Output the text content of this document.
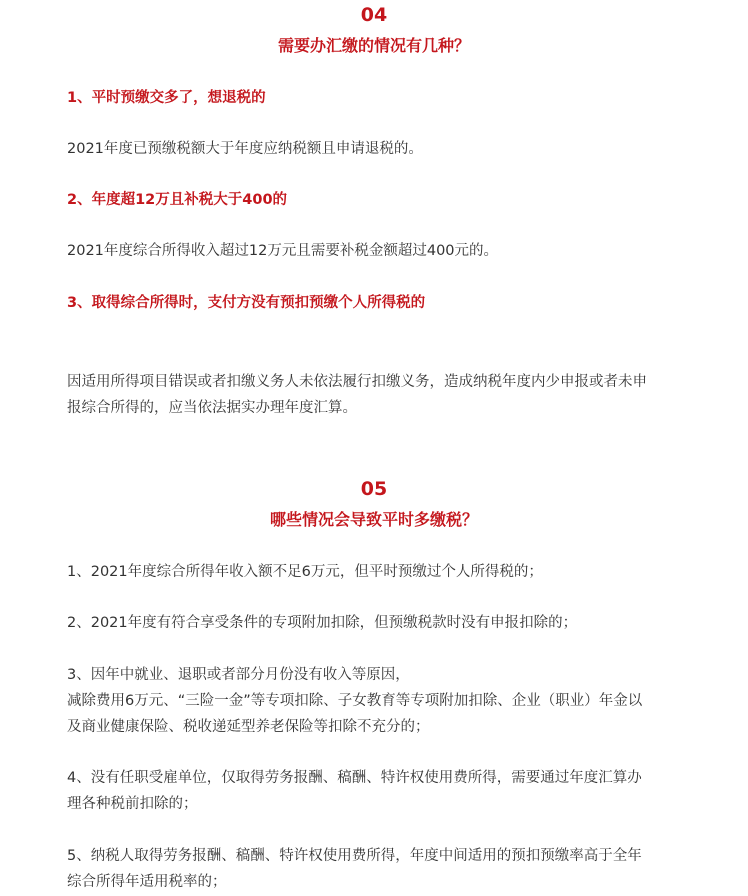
04
需要办汇缴的情况有几种？
1、平时预缴交多了，想退税的
2021年度已预缴税额大于年度应纳税额且申请退税的。
2、年度超12万且补税大于400的
2021年度综合所得收入超过12万元且需要补税金额超过400元的。
3、取得综合所得时，支付方没有预扣预缴个人所得税的
因适用所得项目错误或者扣缴义务人未依法履行扣缴义务，造成纳税年度内少申报或者未申
报综合所得的，应当依法据实办理年度汇算。
05
哪些情况会导致平时多缴税？
1、2021年度综合所得年收入额不足6万元，但平时预缴过个人所得税的；
2、2021年度有符合享受条件的专项附加扣除，但预缴税款时没有申报扣除的；
3、因年中就业、退职或者部分月份没有收入等原因，
减除费用6万元、“三险一金”等专项扣除、子女教育等专项附加扣除、企业（职业）年金以
及商业健康保险、税收递延型养老保险等扣除不充分的；
4、没有任职受雇单位，仅取得劳务报酬、稿酬、特许权使用费所得，需要通过年度汇算办
理各种税前扣除的；
5、纳税人取得劳务报酬、稿酬、特许权使用费所得，年度中间适用的预扣预缴率高于全年
综合所得年适用税率的；
